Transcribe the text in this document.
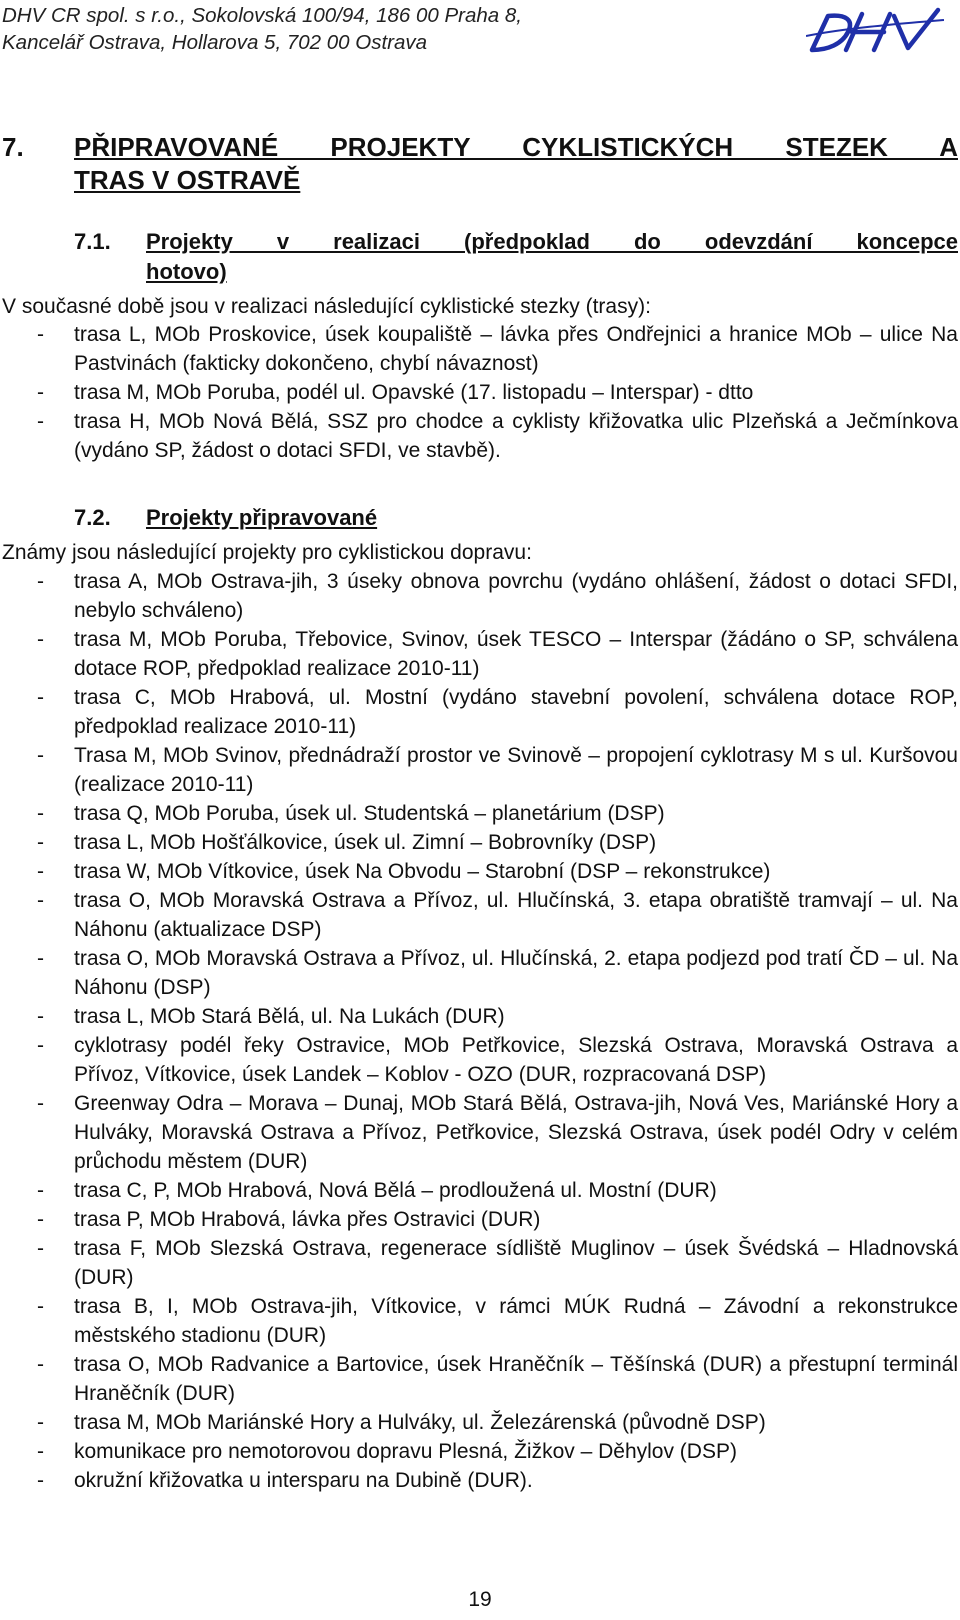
DHV CR spol. s r.o., Sokolovská 100/94, 186 00 Praha 8,
Kancelář Ostrava, Hollarova 5, 702 00 Ostrava
DHV
7. PŘIPRAVOVANÉ PROJEKTY CYKLISTICKÝCH STEZEK A
TRAS V OSTRAVĚ
7.1. Projekty v realizaci (předpoklad do odevzdání koncepce
hotovo)
V současné době jsou v realizaci následující cyklistické stezky (trasy):
- trasa L, MOb Proskovice, úsek koupaliště – lávka přes Ondřejnici a hranice MOb – ulice Na Pastvinách (fakticky dokončeno, chybí návaznost)
- trasa M, MOb Poruba, podél ul. Opavské (17. listopadu – Interspar) - dtto
- trasa H, MOb Nová Bělá, SSZ pro chodce a cyklisty křižovatka ulic Plzeňská a Ječmínkova (vydáno SP, žádost o dotaci SFDI, ve stavbě).
7.2. Projekty připravované
Známy jsou následující projekty pro cyklistickou dopravu:
- trasa A, MOb Ostrava-jih, 3 úseky obnova povrchu (vydáno ohlášení, žádost o dotaci SFDI, nebylo schváleno)
- trasa M, MOb Poruba, Třebovice, Svinov, úsek TESCO – Interspar (žádáno o SP, schválena dotace ROP, předpoklad realizace 2010-11)
- trasa C, MOb Hrabová, ul. Mostní (vydáno stavební povolení, schválena dotace ROP, předpoklad realizace 2010-11)
- Trasa M, MOb Svinov, přednádraží prostor ve Svinově – propojení cyklotrasy M s ul. Kuršovou (realizace 2010-11)
- trasa Q, MOb Poruba, úsek ul. Studentská – planetárium (DSP)
- trasa L, MOb Hošťálkovice, úsek ul. Zimní – Bobrovníky (DSP)
- trasa W, MOb Vítkovice, úsek Na Obvodu – Starobní (DSP – rekonstrukce)
- trasa O, MOb Moravská Ostrava a Přívoz, ul. Hlučínská, 3. etapa obratiště tramvají – ul. Na Náhonu (aktualizace DSP)
- trasa O, MOb Moravská Ostrava a Přívoz, ul. Hlučínská, 2. etapa podjezd pod tratí ČD – ul. Na Náhonu (DSP)
- trasa L, MOb Stará Bělá, ul. Na Lukách (DUR)
- cyklotrasy podél řeky Ostravice, MOb Petřkovice, Slezská Ostrava, Moravská Ostrava a Přívoz, Vítkovice, úsek Landek – Koblov - OZO (DUR, rozpracovaná DSP)
- Greenway Odra – Morava – Dunaj, MOb Stará Bělá, Ostrava-jih, Nová Ves, Mariánské Hory a Hulváky, Moravská Ostrava a Přívoz, Petřkovice, Slezská Ostrava, úsek podél Odry v celém průchodu městem (DUR)
- trasa C, P, MOb Hrabová, Nová Bělá – prodloužená ul. Mostní (DUR)
- trasa P, MOb Hrabová, lávka přes Ostravici (DUR)
- trasa F, MOb Slezská Ostrava, regenerace sídliště Muglinov – úsek Švédská – Hladnovská (DUR)
- trasa B, I, MOb Ostrava-jih, Vítkovice, v rámci MÚK Rudná – Závodní a rekonstrukce městského stadionu (DUR)
- trasa O, MOb Radvanice a Bartovice, úsek Hraněčník – Těšínská (DUR) a přestupní terminál Hraněčník (DUR)
- trasa M, MOb Mariánské Hory a Hulváky, ul. Železárenská (původně DSP)
- komunikace pro nemotorovou dopravu Plesná, Žižkov – Děhylov (DSP)
- okružní křižovatka u intersparu na Dubině (DUR).
19
